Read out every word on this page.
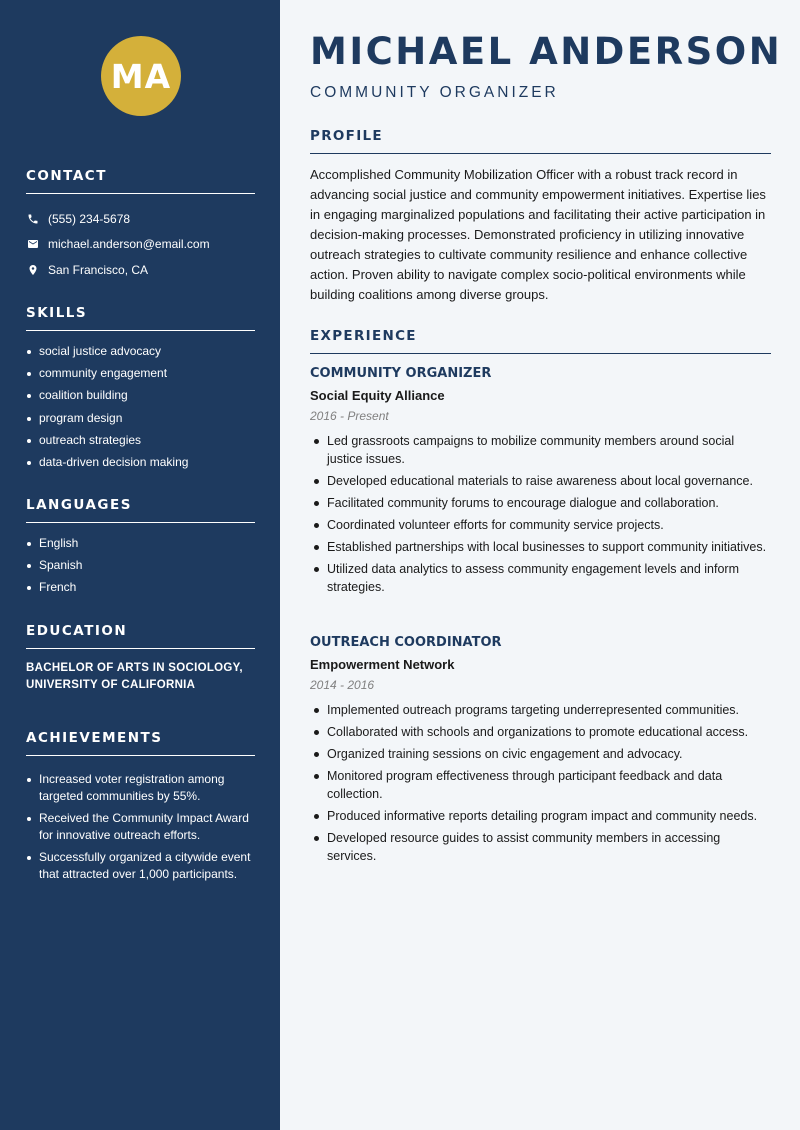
MA
CONTACT
(555) 234-5678
michael.anderson@email.com
San Francisco, CA
SKILLS
social justice advocacy
community engagement
coalition building
program design
outreach strategies
data-driven decision making
LANGUAGES
English
Spanish
French
EDUCATION

BACHELOR OF ARTS IN SOCIOLOGY, UNIVERSITY OF CALIFORNIA

ACHIEVEMENTS
Increased voter registration among targeted communities by 55%.
Received the Community Impact Award for innovative outreach efforts.
Successfully organized a citywide event that attracted over 1,000 participants.
MICHAEL ANDERSON
COMMUNITY ORGANIZER
PROFILE

Accomplished Community Mobilization Officer with a robust track record in advancing social justice and community empowerment initiatives. Expertise lies in engaging marginalized populations and facilitating their active participation in decision-making processes. Demonstrated proficiency in utilizing innovative outreach strategies to cultivate community resilience and enhance collective action. Proven ability to navigate complex socio-political environments while building coalitions among diverse groups.

EXPERIENCE
COMMUNITY ORGANIZER
Social Equity Alliance
2016 - Present
Led grassroots campaigns to mobilize community members around social justice issues.
Developed educational materials to raise awareness about local governance.
Facilitated community forums to encourage dialogue and collaboration.
Coordinated volunteer efforts for community service projects.
Established partnerships with local businesses to support community initiatives.
Utilized data analytics to assess community engagement levels and inform strategies.
OUTREACH COORDINATOR
Empowerment Network
2014 - 2016
Implemented outreach programs targeting underrepresented communities.
Collaborated with schools and organizations to promote educational access.
Organized training sessions on civic engagement and advocacy.
Monitored program effectiveness through participant feedback and data collection.
Produced informative reports detailing program impact and community needs.
Developed resource guides to assist community members in accessing services.
